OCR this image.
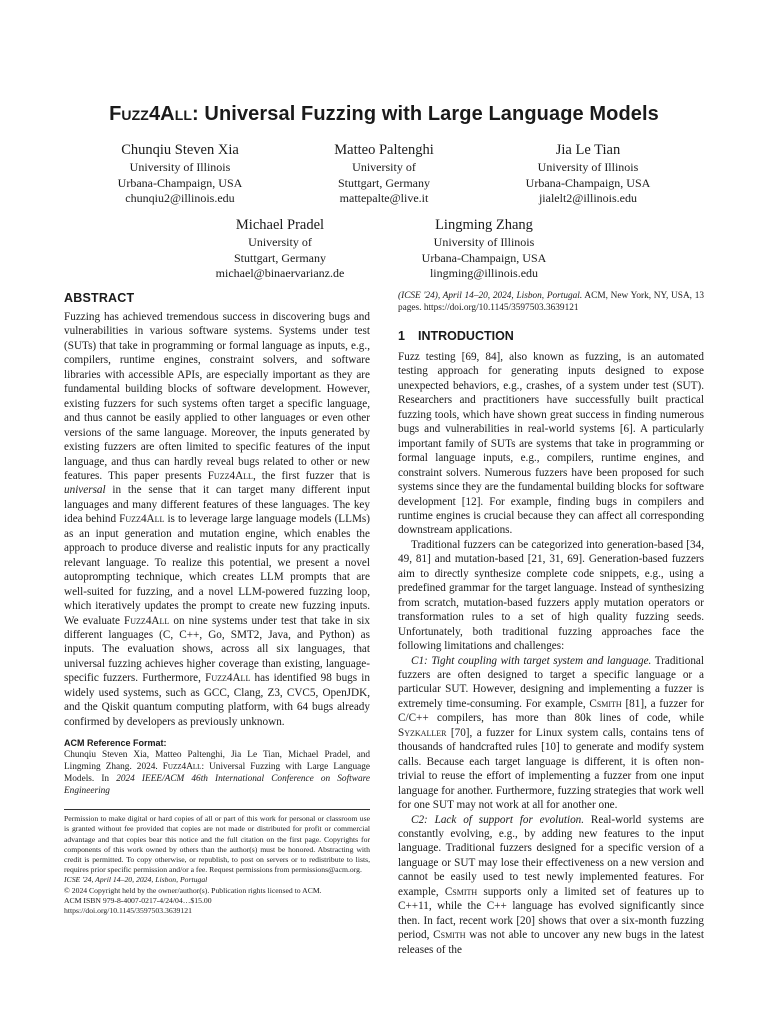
Fuzz4All: Universal Fuzzing with Large Language Models
Chunqiu Steven Xia
University of Illinois
Urbana-Champaign, USA
chunqiu2@illinois.edu
Matteo Paltenghi
University of
Stuttgart, Germany
mattepalte@live.it
Jia Le Tian
University of Illinois
Urbana-Champaign, USA
jialelt2@illinois.edu
Michael Pradel
University of
Stuttgart, Germany
michael@binaervarianz.de
Lingming Zhang
University of Illinois
Urbana-Champaign, USA
lingming@illinois.edu
ABSTRACT

Fuzzing has achieved tremendous success in discovering bugs and vulnerabilities in various software systems. Systems under test (SUTs) that take in programming or formal language as inputs, e.g., compilers, runtime engines, constraint solvers, and software libraries with accessible APIs, are especially important as they are fundamental building blocks of software development. However, existing fuzzers for such systems often target a specific language, and thus cannot be easily applied to other languages or even other versions of the same language. Moreover, the inputs generated by existing fuzzers are often limited to specific features of the input language, and thus can hardly reveal bugs related to other or new features. This paper presents Fuzz4All, the first fuzzer that is universal in the sense that it can target many different input languages and many different features of these languages. The key idea behind Fuzz4All is to leverage large language models (LLMs) as an input generation and mutation engine, which enables the approach to produce diverse and realistic inputs for any practically relevant language. To realize this potential, we present a novel autoprompting technique, which creates LLM prompts that are well-suited for fuzzing, and a novel LLM-powered fuzzing loop, which iteratively updates the prompt to create new fuzzing inputs. We evaluate Fuzz4All on nine systems under test that take in six different languages (C, C++, Go, SMT2, Java, and Python) as inputs. The evaluation shows, across all six languages, that universal fuzzing achieves higher coverage than existing, language-specific fuzzers. Furthermore, Fuzz4All has identified 98 bugs in widely used systems, such as GCC, Clang, Z3, CVC5, OpenJDK, and the Qiskit quantum computing platform, with 64 bugs already confirmed by developers as previously unknown.

ACM Reference Format:
Chunqiu Steven Xia, Matteo Paltenghi, Jia Le Tian, Michael Pradel, and Lingming Zhang. 2024. Fuzz4All: Universal Fuzzing with Large Language Models. In 2024 IEEE/ACM 46th International Conference on Software Engineering
Permission to make digital or hard copies of all or part of this work for personal or classroom use is granted without fee provided that copies are not made or distributed for profit or commercial advantage and that copies bear this notice and the full citation on the first page. Copyrights for components of this work owned by others than the author(s) must be honored. Abstracting with credit is permitted. To copy otherwise, or republish, to post on servers or to redistribute to lists, requires prior specific permission and/or a fee. Request permissions from permissions@acm.org.
ICSE '24, April 14–20, 2024, Lisbon, Portugal
© 2024 Copyright held by the owner/author(s). Publication rights licensed to ACM.
ACM ISBN 979-8-4007-0217-4/24/04…$15.00
https://doi.org/10.1145/3597503.3639121
(ICSE '24), April 14–20, 2024, Lisbon, Portugal. ACM, New York, NY, USA, 13 pages. https://doi.org/10.1145/3597503.3639121
1 INTRODUCTION

Fuzz testing [69, 84], also known as fuzzing, is an automated testing approach for generating inputs designed to expose unexpected behaviors, e.g., crashes, of a system under test (SUT). Researchers and practitioners have successfully built practical fuzzing tools, which have shown great success in finding numerous bugs and vulnerabilities in real-world systems [6]. A particularly important family of SUTs are systems that take in programming or formal language inputs, e.g., compilers, runtime engines, and constraint solvers. Numerous fuzzers have been proposed for such systems since they are the fundamental building blocks for software development [12]. For example, finding bugs in compilers and runtime engines is crucial because they can affect all corresponding downstream applications.

Traditional fuzzers can be categorized into generation-based [34, 49, 81] and mutation-based [21, 31, 69]. Generation-based fuzzers aim to directly synthesize complete code snippets, e.g., using a predefined grammar for the target language. Instead of synthesizing from scratch, mutation-based fuzzers apply mutation operators or transformation rules to a set of high quality fuzzing seeds. Unfortunately, both traditional fuzzing approaches face the following limitations and challenges:

C1: Tight coupling with target system and language. Traditional fuzzers are often designed to target a specific language or a particular SUT. However, designing and implementing a fuzzer is extremely time-consuming. For example, Csmith [81], a fuzzer for C/C++ compilers, has more than 80k lines of code, while Syzkaller [70], a fuzzer for Linux system calls, contains tens of thousands of handcrafted rules [10] to generate and modify system calls. Because each target language is different, it is often non-trivial to reuse the effort of implementing a fuzzer from one input language for another. Furthermore, fuzzing strategies that work well for one SUT may not work at all for another one.

C2: Lack of support for evolution. Real-world systems are constantly evolving, e.g., by adding new features to the input language. Traditional fuzzers designed for a specific version of a language or SUT may lose their effectiveness on a new version and cannot be easily used to test newly implemented features. For example, Csmith supports only a limited set of features up to C++11, while the C++ language has evolved significantly since then. In fact, recent work [20] shows that over a six-month fuzzing period, Csmith was not able to uncover any new bugs in the latest releases of the
